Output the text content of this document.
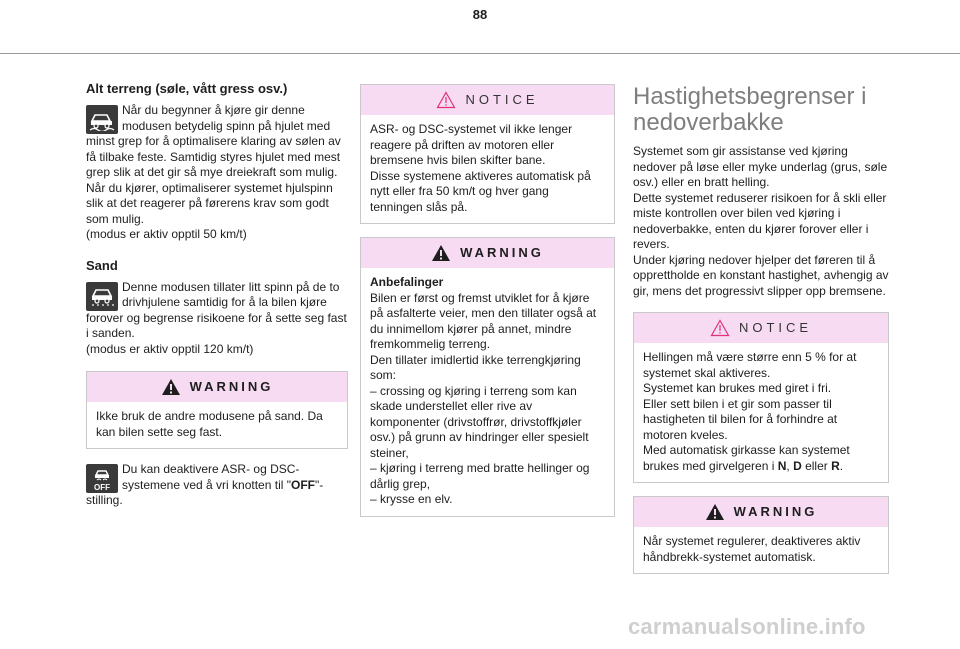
88
Alt terreng (søle, vått gress osv.)

Når du begynner å kjøre gir denne modusen betydelig spinn på hjulet med minst grep for å optimalisere klaring av sølen av få tilbake feste. Samtidig styres hjulet med mest grep slik at det gir så mye dreiekraft som mulig. Når du kjører, optimaliserer systemet hjulspinn slik at det reagerer på førerens krav som godt som mulig.
(modus er aktiv opptil 50 km/t)

Sand

Denne modusen tillater litt spinn på de to drivhjulene samtidig for å la bilen kjøre forover og begrense risikoene for å sette seg fast i sanden.
(modus er aktiv opptil 120 km/t)

WARNING
Ikke bruk de andre modusene på sand. Da kan bilen sette seg fast.
OFF

Du kan deaktivere ASR- og DSC-systemene ved å vri knotten til "OFF"-stilling.

NOTICE
ASR- og DSC-systemet vil ikke lenger reagere på driften av motoren eller bremsene hvis bilen skifter bane.
Disse systemene aktiveres automatisk på nytt eller fra 50 km/t og hver gang tenningen slås på.
WARNING
Anbefalinger
Bilen er først og fremst utviklet for å kjøre på asfalterte veier, men den tillater også at du innimellom kjører på annet, mindre fremkommelig terreng.
Den tillater imidlertid ikke terrengkjøring som:
– crossing og kjøring i terreng som kan skade understellet eller rive av komponenter (drivstoffrør, drivstoffkjøler osv.) på grunn av hindringer eller spesielt steiner,
– kjøring i terreng med bratte hellinger og dårlig grep,
– krysse en elv.
Hastighetsbegrenser i nedoverbakke

Systemet som gir assistanse ved kjøring nedover på løse eller myke underlag (grus, søle osv.) eller en bratt helling.
Dette systemet reduserer risikoen for å skli eller miste kontrollen over bilen ved kjøring i nedoverbakke, enten du kjører forover eller i revers.
Under kjøring nedover hjelper det føreren til å opprettholde en konstant hastighet, avhengig av gir, mens det progressivt slipper opp bremsene.

NOTICE
Hellingen må være større enn 5 % for at systemet skal aktiveres.
Systemet kan brukes med giret i fri.
Eller sett bilen i et gir som passer til hastigheten til bilen for å forhindre at motoren kveles.
Med automatisk girkasse kan systemet brukes med girvelgeren i N, D eller R.
WARNING
Når systemet regulerer, deaktiveres aktiv håndbrekk-systemet automatisk.
carmanualsonline.info
